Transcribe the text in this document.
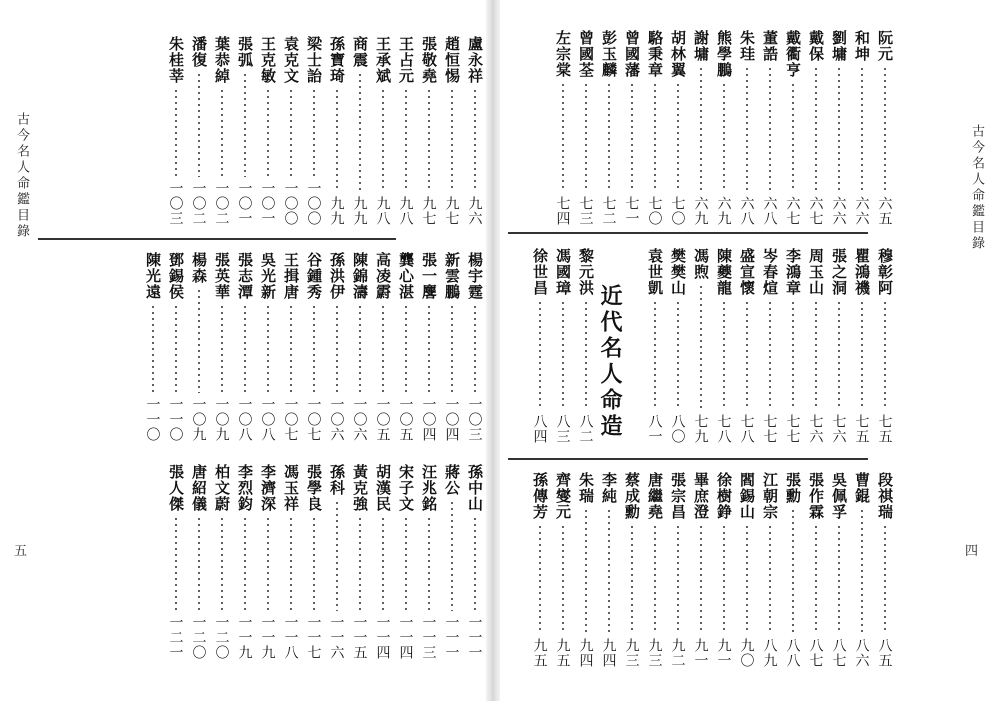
古今名人命鑑目錄
五
盧永祥
九六
趙恒惕
九七
張敬堯
九七
王占元
九八
王承斌
九八
商震
九九
孫寶琦
九九
梁士詒
一〇〇
袁克文
一〇〇
王克敏
一〇一
張弧
一〇一
葉恭綽
一〇二
潘復
一〇二
朱桂莘
一〇三
楊宇霆
一〇三
新雲鵬
一〇四
張一麐
一〇四
龔心湛
一〇五
高凌霨
一〇五
陳錦濤
一〇六
孫洪伊
一〇六
谷鍾秀
一〇七
王揖唐
一〇七
吳光新
一〇八
張志潭
一〇八
張英華
一〇九
楊森
一〇九
鄧錫侯
一一〇
陳光遠
一一〇
孫中山
一一一
蔣公
一一一
汪兆銘
一一三
宋子文
一一四
胡漢民
一一四
黃克強
一一五
孫科
一一六
張學良
一一七
馮玉祥
一一八
李濟深
一一九
李烈鈞
一一九
柏文蔚
一二〇
唐紹儀
一二〇
張人傑
一二一
古今名人命鑑目錄
四
阮元
六五
和坤
六六
劉墉
六六
戴保
六七
戴衢亨
六七
董誥
六八
朱珪
六八
熊學鵬
六九
謝墉
六九
胡林翼
七〇
駱秉章
七〇
曾國藩
七一
彭玉麟
七二
曾國荃
七三
左宗棠
七四
穆彰阿
七五
瞿鴻禨
七五
張之洞
七六
周玉山
七六
李鴻章
七七
岑春煊
七七
盛宣懷
七八
陳夔龍
七八
馮煦
七九
樊樊山
八〇
袁世凱
八一
黎元洪
八二
馮國璋
八三
徐世昌
八四 近代名人命造
段祺瑞
八五
曹錕
八六
吳佩孚
八七
張作霖
八七
張勳
八八
江朝宗
八九
閻錫山
九〇
徐樹錚
九一
畢庶澄
九一
張宗昌
九二
唐繼堯
九三
蔡成勳
九三
李純
九四
朱瑞
九四
齊燮元
九五
孫傳芳
九五
